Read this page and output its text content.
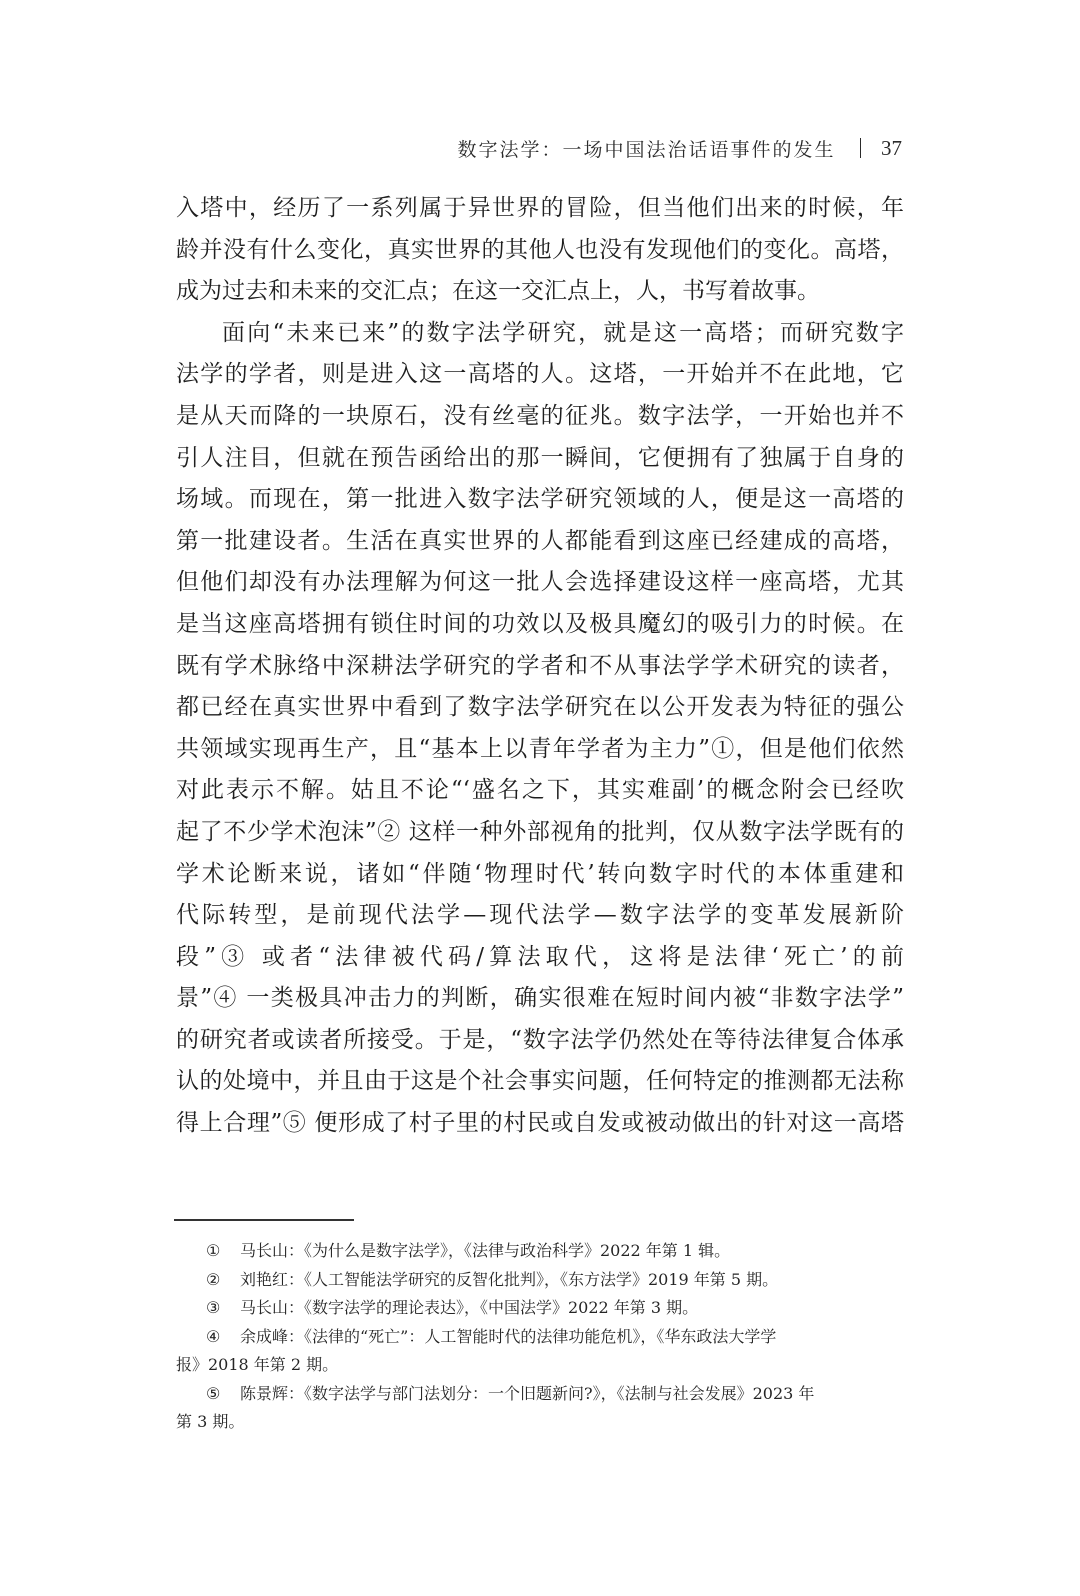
数字法学：一场中国法治话语事件的发生 37
入塔中，经历了一系列属于异世界的冒险，但当他们出来的时候，年
龄并没有什么变化，真实世界的其他人也没有发现他们的变化。高塔，
成为过去和未来的交汇点；在这一交汇点上，人，书写着故事。
面向“未来已来”的数字法学研究，就是这一高塔；而研究数字
法学的学者，则是进入这一高塔的人。这塔，一开始并不在此地，它
是从天而降的一块原石，没有丝毫的征兆。数字法学，一开始也并不
引人注目，但就在预告函给出的那一瞬间，它便拥有了独属于自身的
场域。而现在，第一批进入数字法学研究领域的人，便是这一高塔的
第一批建设者。生活在真实世界的人都能看到这座已经建成的高塔，
但他们却没有办法理解为何这一批人会选择建设这样一座高塔，尤其
是当这座高塔拥有锁住时间的功效以及极具魔幻的吸引力的时候。在
既有学术脉络中深耕法学研究的学者和不从事法学学术研究的读者，
都已经在真实世界中看到了数字法学研究在以公开发表为特征的强公
共领域实现再生产，且“基本上以青年学者为主力”①，但是他们依然
对此表示不解。姑且不论“‘盛名之下，其实难副’的概念附会已经吹
起了不少学术泡沫”② 这样一种外部视角的批判，仅从数字法学既有的
学术论断来说，诸如“伴随‘物理时代’转向数字时代的本体重建和
代际转型，是前现代法学—现代法学—数字法学的变革发展新阶
段”③ 或者“法律被代码/算法取代，这将是法律‘死亡’的前
景”④ 一类极具冲击力的判断，确实很难在短时间内被“非数字法学”
的研究者或读者所接受。于是，“数字法学仍然处在等待法律复合体承
认的处境中，并且由于这是个社会事实问题，任何特定的推测都无法称
得上合理”⑤ 便形成了村子里的村民或自发或被动做出的针对这一高塔
① 马长山：《为什么是数字法学》，《法律与政治科学》2022 年第 1 辑。
② 刘艳红：《人工智能法学研究的反智化批判》，《东方法学》2019 年第 5 期。
③ 马长山：《数字法学的理论表达》，《中国法学》2022 年第 3 期。
④ 余成峰：《法律的“死亡”：人工智能时代的法律功能危机》，《华东政法大学学
报》2018 年第 2 期。
⑤ 陈景辉：《数字法学与部门法划分：一个旧题新问?》，《法制与社会发展》2023 年
第 3 期。
